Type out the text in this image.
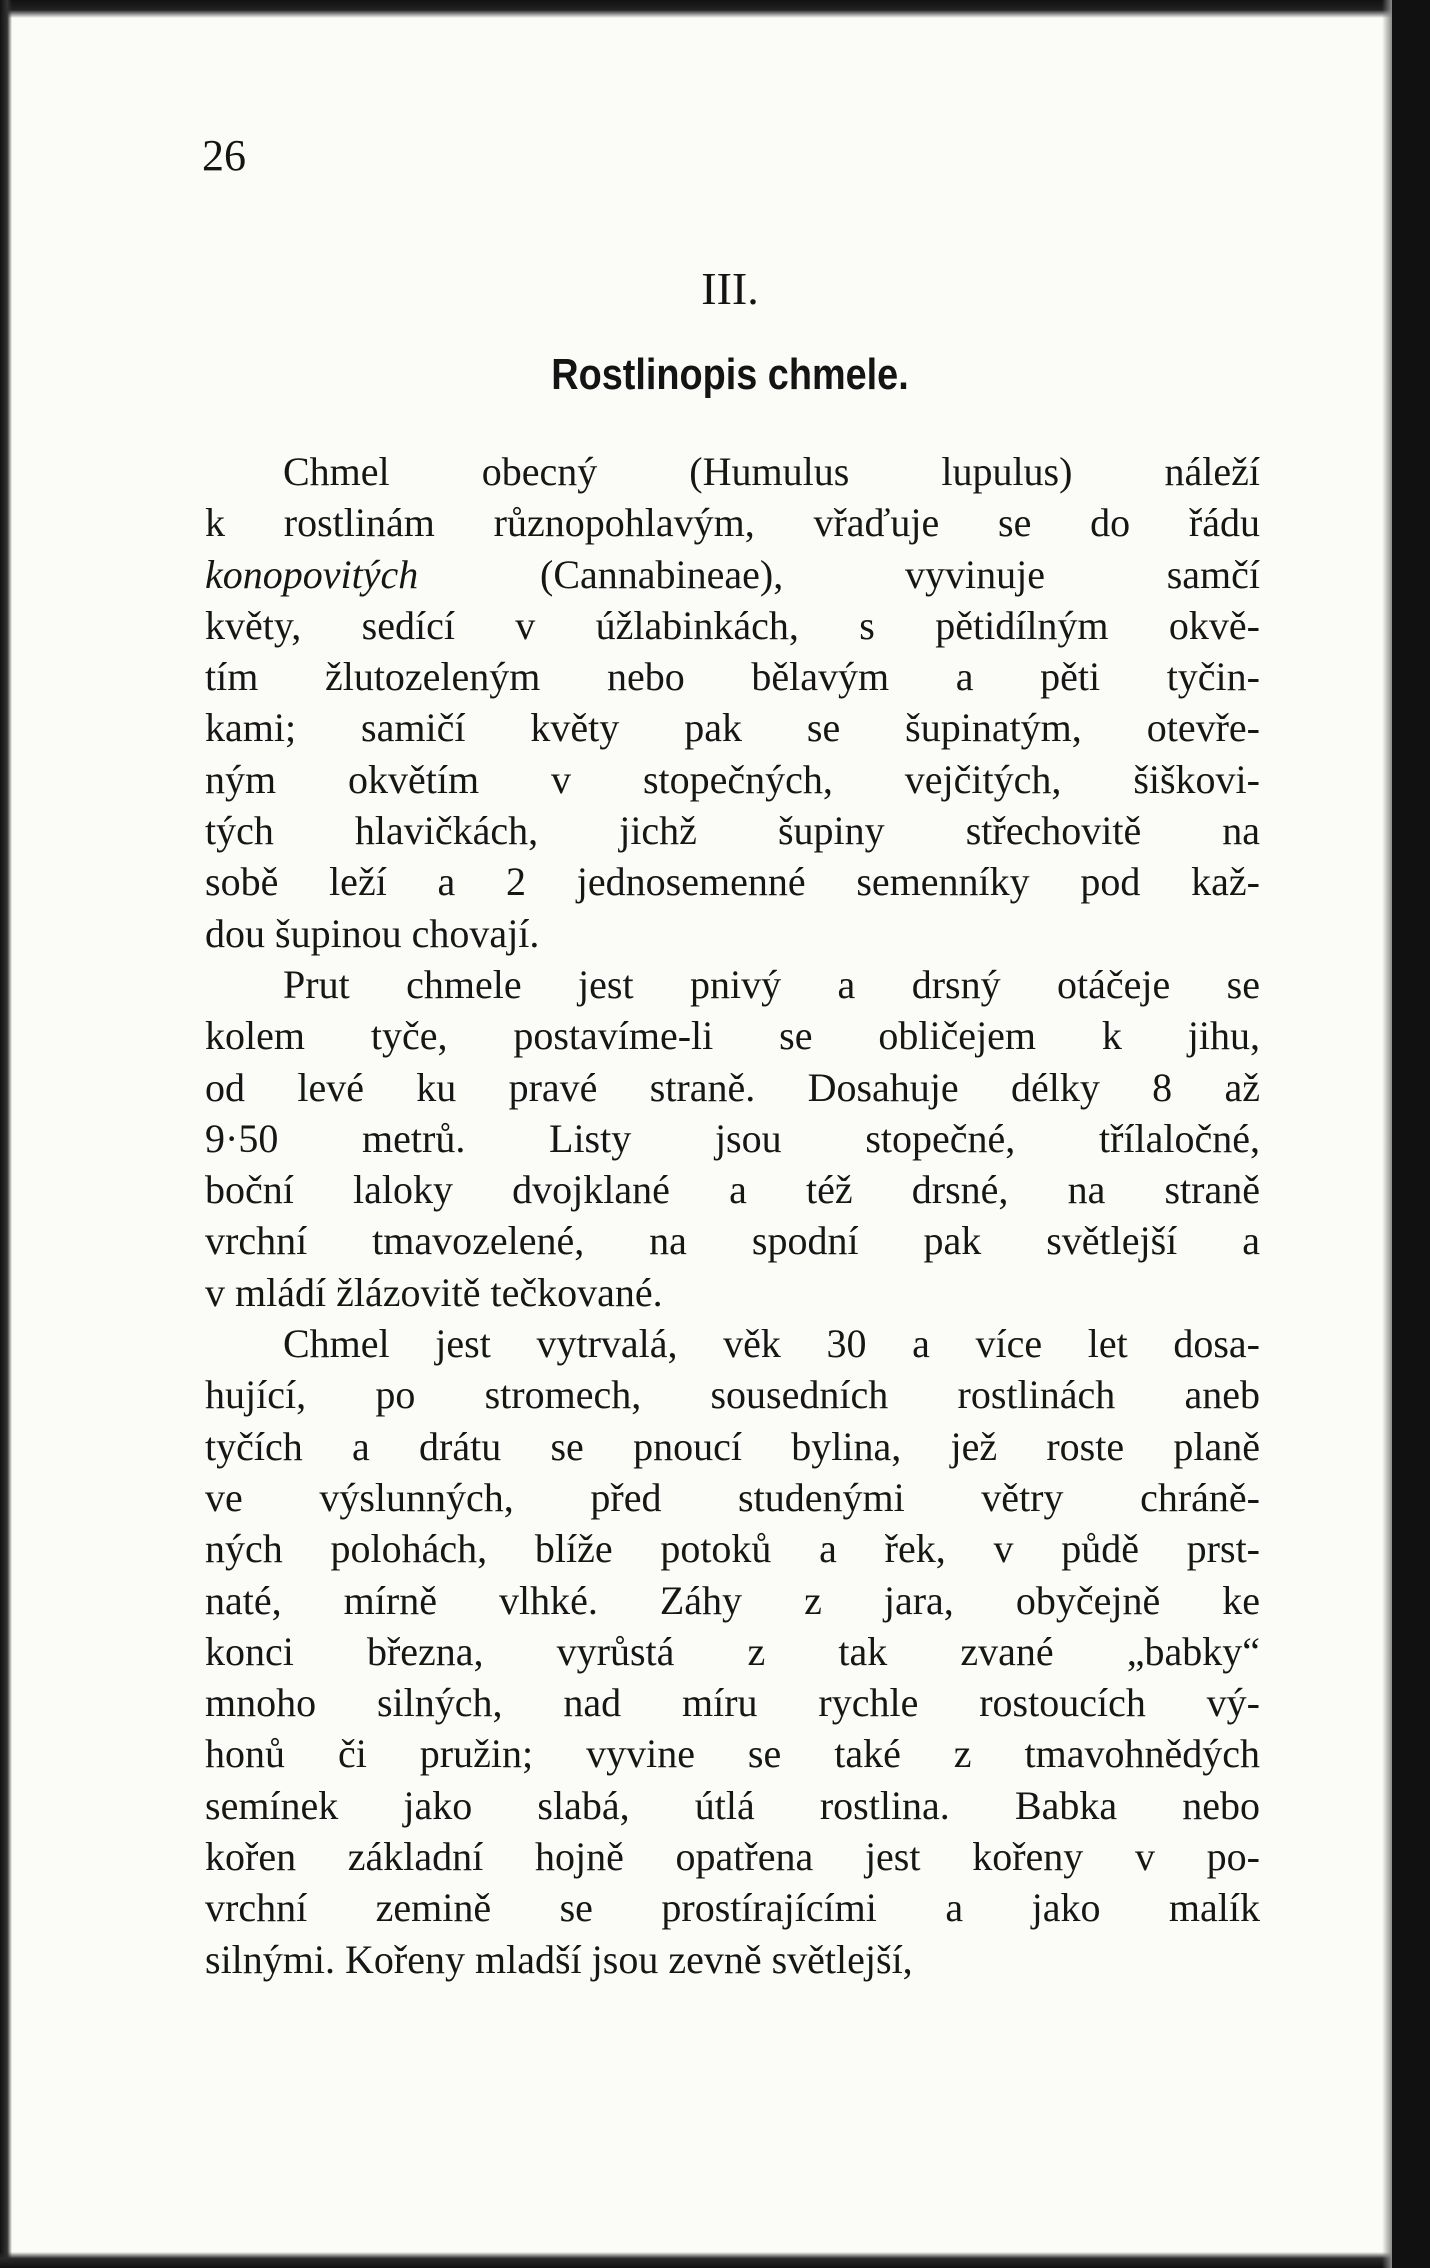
26
III.
Rostlinopis chmele.
Chmel obecný (Humulus lupulus) náleží
k rostlinám různopohlavým, vřaďuje se do řádu
konopovitých (Cannabineae), vyvinuje samčí
květy, sedící v úžlabinkách, s pětidílným okvě-
tím žlutozeleným nebo bělavým a pěti tyčin-
kami; samičí květy pak se šupinatým, otevře-
ným okvětím v stopečných, vejčitých, šiškovi-
tých hlavičkách, jichž šupiny střechovitě na
sobě leží a 2 jednosemenné semenníky pod kaž-
dou šupinou chovají.
Prut chmele jest pnivý a drsný otáčeje se
kolem tyče, postavíme-li se obličejem k jihu,
od levé ku pravé straně. Dosahuje délky 8 až
9·50 metrů. Listy jsou stopečné, třílaločné,
boční laloky dvojklané a též drsné, na straně
vrchní tmavozelené, na spodní pak světlejší a
v mládí žlázovitě tečkované.
Chmel jest vytrvalá, věk 30 a více let dosa-
hující, po stromech, sousedních rostlinách aneb
tyčích a drátu se pnoucí bylina, jež roste planě
ve výslunných, před studenými větry chráně-
ných polohách, blíže potoků a řek, v půdě prst-
naté, mírně vlhké. Záhy z jara, obyčejně ke
konci března, vyrůstá z tak zvané „babky“
mnoho silných, nad míru rychle rostoucích vý-
honů či pružin; vyvine se také z tmavohnědých
semínek jako slabá, útlá rostlina. Babka nebo
kořen základní hojně opatřena jest kořeny v po-
vrchní zemině se prostírajícími a jako malík
silnými. Kořeny mladší jsou zevně světlejší,
